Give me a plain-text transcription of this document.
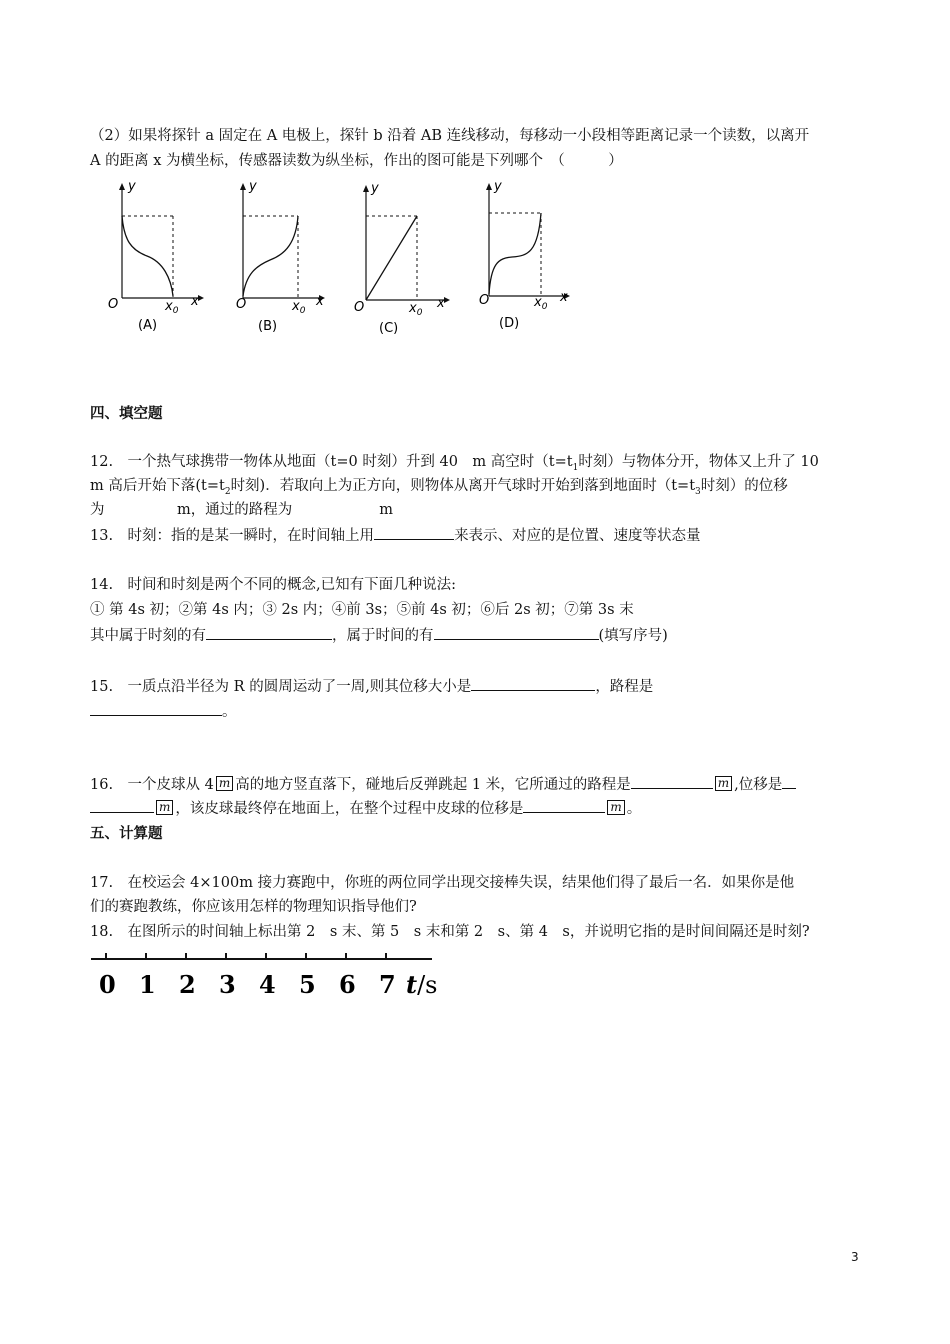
（2）如果将探针 a 固定在 A 电极上，探针 b 沿着 AB 连线移动，每移动一小段相等距离记录一个读数，以离开
A 的距离 x 为横坐标，传感器读数为纵坐标，作出的图可能是下列哪个　（　　　）
y
O	$x_0$
x
(A)
y
O	$x_0$
x
(B)
y
O	$x_0$
x
(C)
y
O	$x_0$
x
(D)
四、填空题
12.　一个热气球携带一物体从地面（t=0 时刻）升到 40　m 高空时（$t=t_1$时刻）与物体分开，物体又上升了 10
m 高后开始下落($t=t_2$时刻)．若取向上为正方向，则物体从离开气球时开始到落到地面时（$t=t_3$时刻）的位移
为　　　　　m，通过的路程为　　　　　　m
13.　时刻：指的是某一瞬时，在时间轴上用	来表示、对应的是位置、速度等状态量
14.　时间和时刻是两个不同的概念,已知有下面几种说法:
① 第 4s 初；②第 4s 内；③ 2s 内；④前 3s；⑤前 4s 初；⑥后 2s 初；⑦第 3s 末
其中属于时刻的有	，属于时间的有	(填写序号)
15.　一质点沿半径为 R 的圆周运动了一周,则其位移大小是	，路程是
。
16.　一个皮球从 4 m 高的地方竖直落下，碰地后反弹跳起 1 米，它所通过的路程是	m ,位移是
m ，该皮球最终停在地面上，在整个过程中皮球的位移是	m 。
五、计算题
17.　在校运会 4×100m 接力赛跑中，你班的两位同学出现交接棒失误，结果他们得了最后一名．如果你是他
们的赛跑教练，你应该用怎样的物理知识指导他们?
18.　在图所示的时间轴上标出第 2　s 末、第 5　s 末和第 2　s、第 4　s，并说明它指的是时间间隔还是时刻?
0 1 2 3 4 5 6 7 t/s
3
